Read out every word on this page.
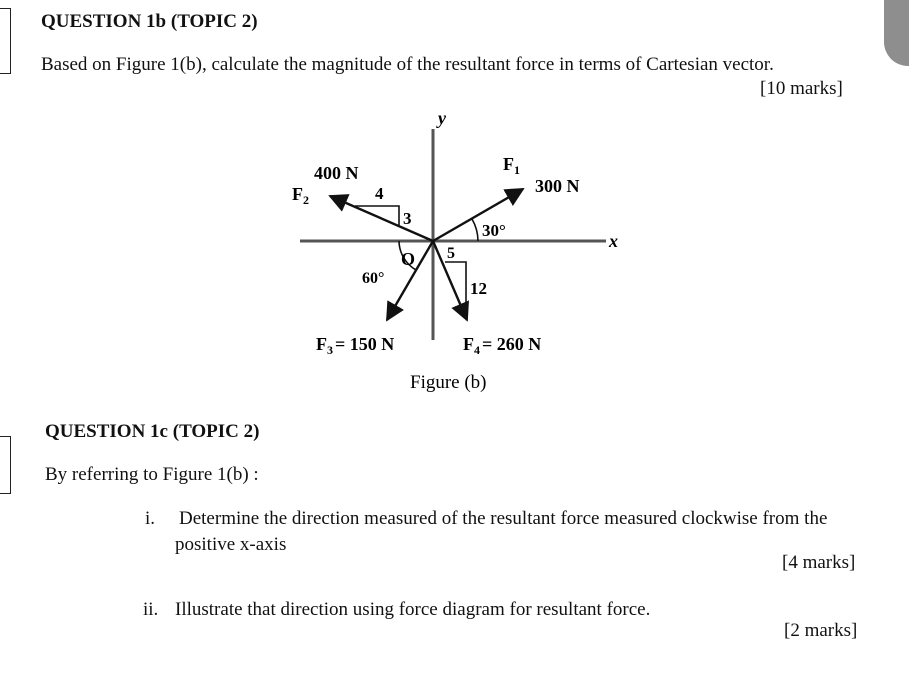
QUESTION 1b (TOPIC 2)
Based on Figure 1(b), calculate the magnitude of the resultant force in terms of Cartesian vector.
[10 marks]
y
x
$F_1$
300 N
30°
400 N
$F_2$	4
3
O
60°
5
12
$F_3 = 150$ N	$F_4 = 260$ N
Figure (b)
QUESTION 1c (TOPIC 2)
By referring to Figure 1(b) :
i. Determine the direction measured of the resultant force measured clockwise from the
positive x-axis
[4 marks]
ii. Illustrate that direction using force diagram for resultant force.
[2 marks]
